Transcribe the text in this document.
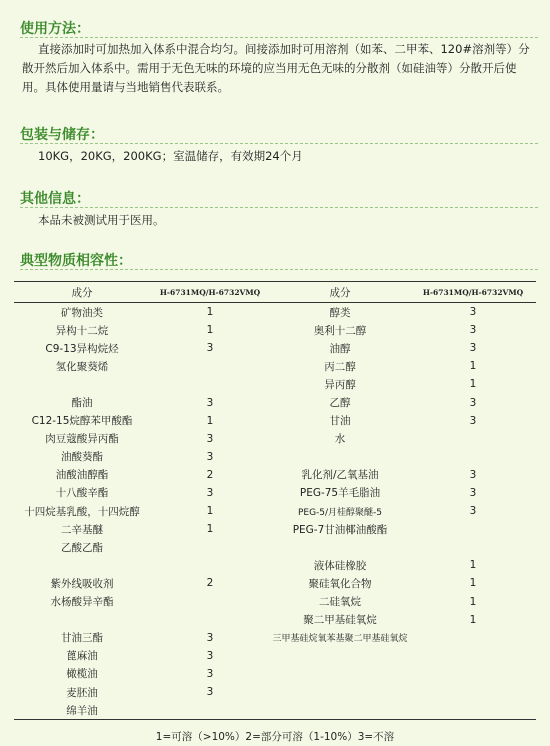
使用方法：
直接添加时可加热加入体系中混合均匀。间接添加时可用溶剂（如苯、二甲苯、120#溶剂等）分散开然后加入体系中。需用于无色无味的环境的应当用无色无味的分散剂（如硅油等）分散开后使用。具体使用量请与当地销售代表联系。
包装与储存：
10KG，20KG，200KG；室温储存，有效期24个月
其他信息：
本品未被测试用于医用。
典型物质相容性：
成分	H-6731MQ/H-6732VMQ	成分	H-6731MQ/H-6732VMQ
矿物油类	1	醇类	3
异构十二烷	1	奥利十二醇	3
C9-13异构烷烃	3	油醇	3
氢化聚葵烯		丙二醇	1
		异丙醇	1
酯油	3	乙醇	3
C12-15烷醇苯甲酸酯	1	甘油	3
肉豆蔻酸异丙酯	3	水	
油酸葵酯	3		
油酸油醇酯	2	乳化剂/乙氧基油	3
十八酸辛酯	3	PEG-75羊毛脂油	3
十四烷基乳酸，十四烷醇	1	PEG-5/月桂醇聚醚-5	3
二辛基醚	1	PEG-7甘油椰油酸酯	
乙酸乙酯			
		液体硅橡胶	1
紫外线吸收剂	2	聚硅氧化合物	1
水杨酸异辛酯		二硅氧烷	1
		聚二甲基硅氧烷	1
甘油三酯	3	三甲基硅烷氧苯基聚二甲基硅氧烷	
蓖麻油	3		
橄榄油	3		
麦胚油	3		
绵羊油			
1=可溶（>10%）2=部分可溶（1-10%）3=不溶
